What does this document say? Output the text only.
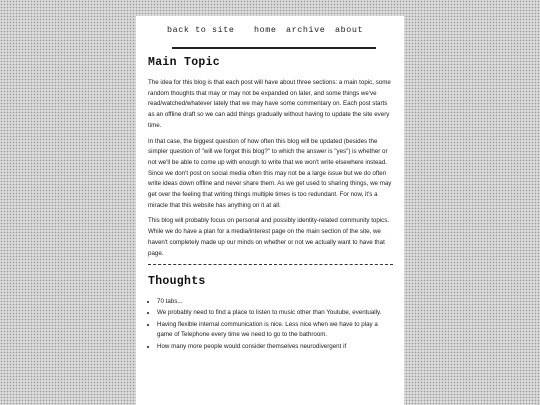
back to site home archive about
Main Topic

The idea for this blog is that each post will have about three sections: a main topic, some random thoughts that may or may not be expanded on later, and some things we've read/watched/whatever lately that we may have some commentary on. Each post starts as an offline draft so we can add things gradually without having to update the site every time.

In that case, the biggest question of how often this blog will be updated (besides the simpler question of "will we forget this blog?" to which the answer is "yes") is whether or not we'll be able to come up with enough to write that we won't write elsewhere instead. Since we don't post on social media often this may not be a large issue but we do often write ideas down offline and never share them. As we get used to sharing things, we may get over the feeling that writing things multiple times is too redundant. For now, it's a miracle that this website has anything on it at all.

This blog will probably focus on personal and possibly identity-related community topics. While we do have a plan for a media/interest page on the main section of the site, we haven't completely made up our minds on whether or not we actually want to have that page.

Thoughts
• 70 tabs...
• We probably need to find a place to listen to music other than Youtube, eventually.
• Having flexible internal communication is nice. Less nice when we have to play a game of Telephone every time we need to go to the bathroom.
• How many more people would consider themselves neurodivergent if
